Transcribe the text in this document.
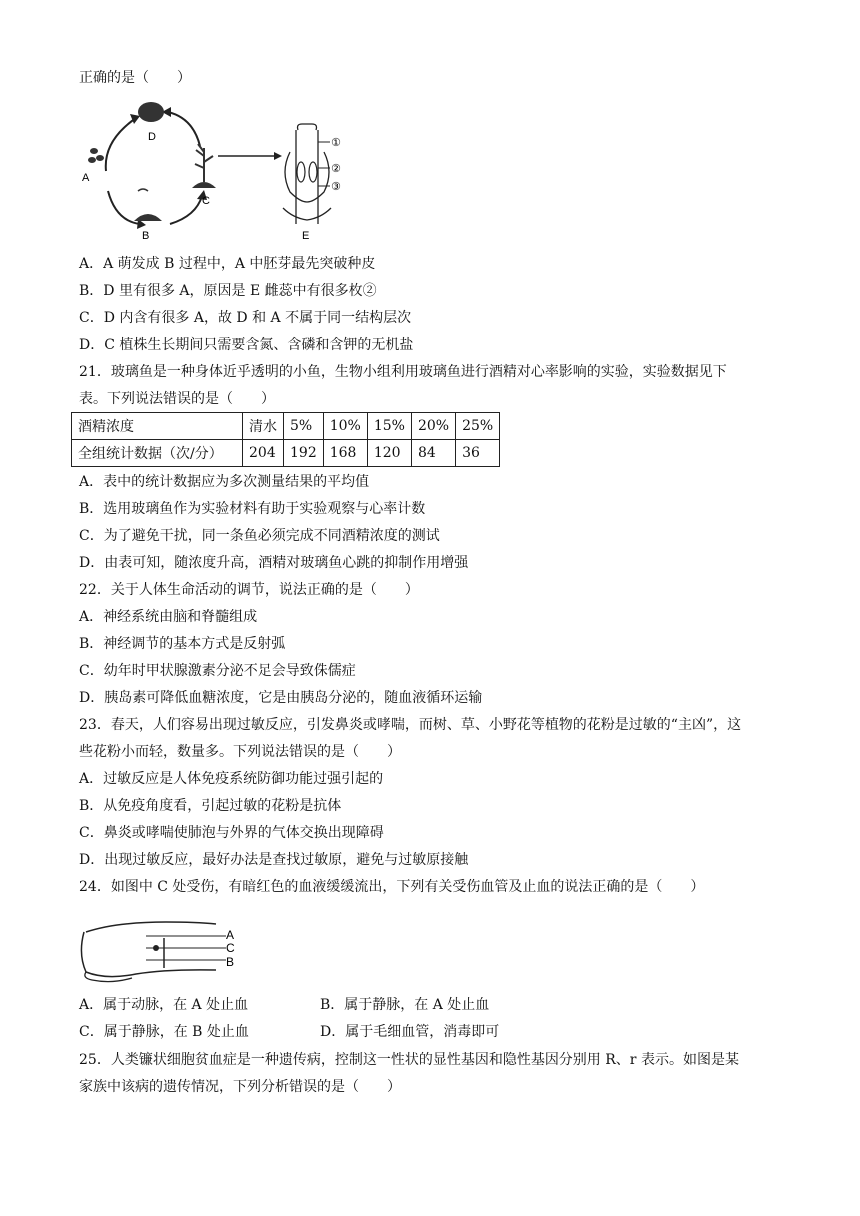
正确的是（　　）
D
A
B
C
E
①
②
③
A．A 萌发成 B 过程中，A 中胚芽最先突破种皮
B．D 里有很多 A，原因是 E 雌蕊中有很多枚②
C．D 内含有很多 A，故 D 和 A 不属于同一结构层次
D．C 植株生长期间只需要含氮、含磷和含钾的无机盐
21．玻璃鱼是一种身体近乎透明的小鱼，生物小组利用玻璃鱼进行酒精对心率影响的实验，实验数据见下
表。下列说法错误的是（　　）
酒精浓度	清水	5%	10%	15%	20%	25%
全组统计数据（次/分）	204	192	168	120	84	36
A．表中的统计数据应为多次测量结果的平均值
B．选用玻璃鱼作为实验材料有助于实验观察与心率计数
C．为了避免干扰，同一条鱼必须完成不同酒精浓度的测试
D．由表可知，随浓度升高，酒精对玻璃鱼心跳的抑制作用增强
22．关于人体生命活动的调节，说法正确的是（　　）
A．神经系统由脑和脊髓组成
B．神经调节的基本方式是反射弧
C．幼年时甲状腺激素分泌不足会导致侏儒症
D．胰岛素可降低血糖浓度，它是由胰岛分泌的，随血液循环运输
23．春天，人们容易出现过敏反应，引发鼻炎或哮喘，而树、草、小野花等植物的花粉是过敏的“主凶”，这
些花粉小而轻，数量多。下列说法错误的是（　　）
A．过敏反应是人体免疫系统防御功能过强引起的
B．从免疫角度看，引起过敏的花粉是抗体
C．鼻炎或哮喘使肺泡与外界的气体交换出现障碍
D．出现过敏反应，最好办法是查找过敏原，避免与过敏原接触
24．如图中 C 处受伤，有暗红色的血液缓缓流出，下列有关受伤血管及止血的说法正确的是（　　）
A
C
B
A．属于动脉，在 A 处止血	B．属于静脉，在 A 处止血
C．属于静脉，在 B 处止血	D．属于毛细血管，消毒即可
25．人类镰状细胞贫血症是一种遗传病，控制这一性状的显性基因和隐性基因分别用 R、r 表示。如图是某
家族中该病的遗传情况，下列分析错误的是（　　）
